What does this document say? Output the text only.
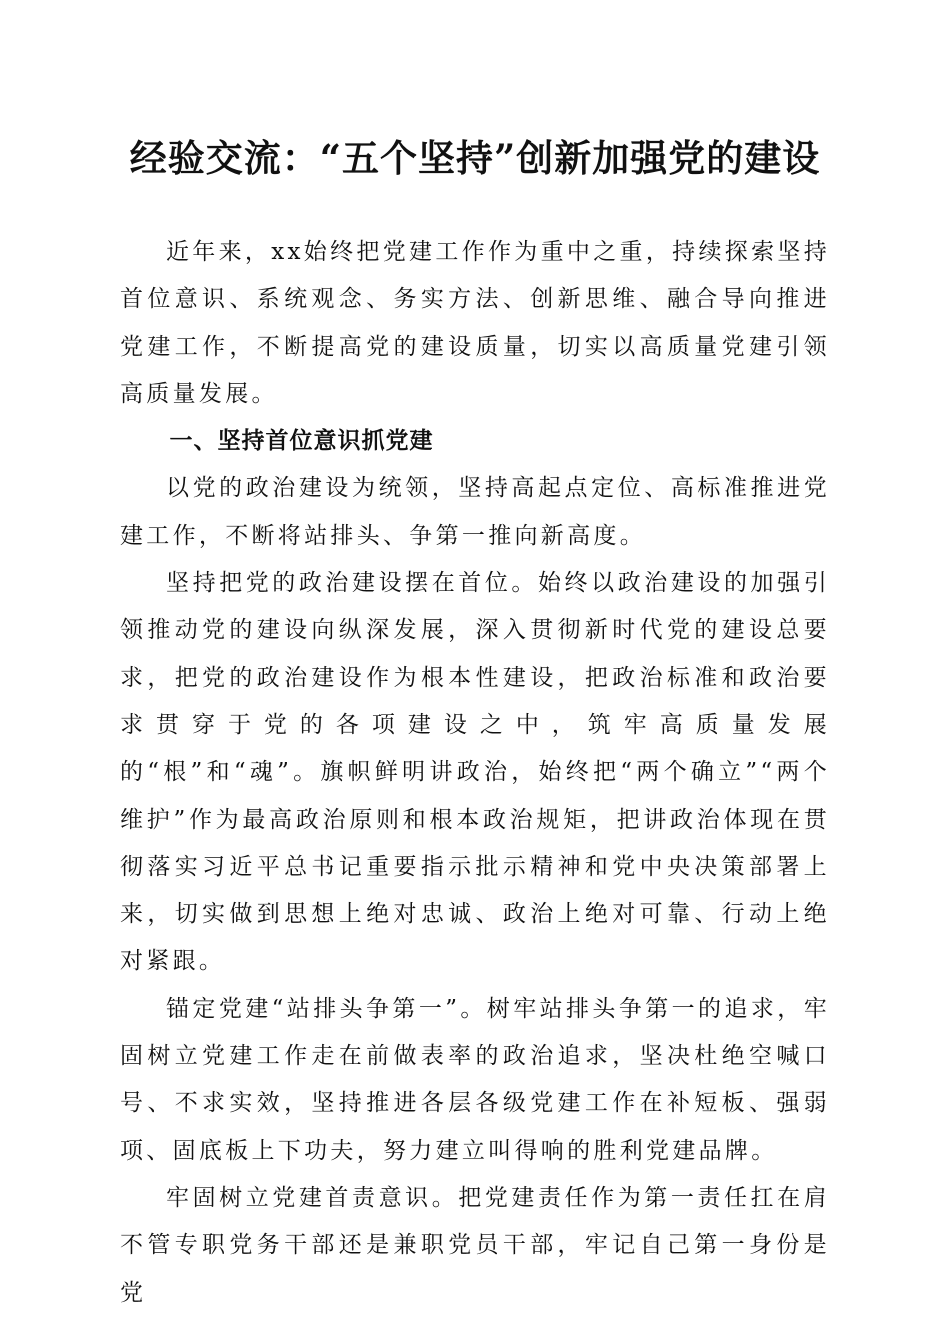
经验交流：“五个坚持”创新加强党的建设

近年来，xx始终把党建工作作为重中之重，持续探索坚持首位意识、系统观念、务实方法、创新思维、融合导向推进党建工作，不断提高党的建设质量，切实以高质量党建引领高质量发展。

一、坚持首位意识抓党建

以党的政治建设为统领，坚持高起点定位、高标准推进党建工作，不断将站排头、争第一推向新高度。

坚持把党的政治建设摆在首位。始终以政治建设的加强引领推动党的建设向纵深发展，深入贯彻新时代党的建设总要求，把党的政治建设作为根本性建设，把政治标准和政治要求贯穿于党的各项建设之中，筑牢高质量发展的“根”和“魂”。旗帜鲜明讲政治，始终把“两个确立”“两个维护”作为最高政治原则和根本政治规矩，把讲政治体现在贯彻落实习近平总书记重要指示批示精神和党中央决策部署上来，切实做到思想上绝对忠诚、政治上绝对可靠、行动上绝对紧跟。

锚定党建“站排头争第一”。树牢站排头争第一的追求，牢固树立党建工作走在前做表率的政治追求，坚决杜绝空喊口号、不求实效，坚持推进各层各级党建工作在补短板、强弱项、固底板上下功夫，努力建立叫得响的胜利党建品牌。

牢固树立党建首责意识。把党建责任作为第一责任扛在肩不管专职党务干部还是兼职党员干部，牢记自己第一身份是党
